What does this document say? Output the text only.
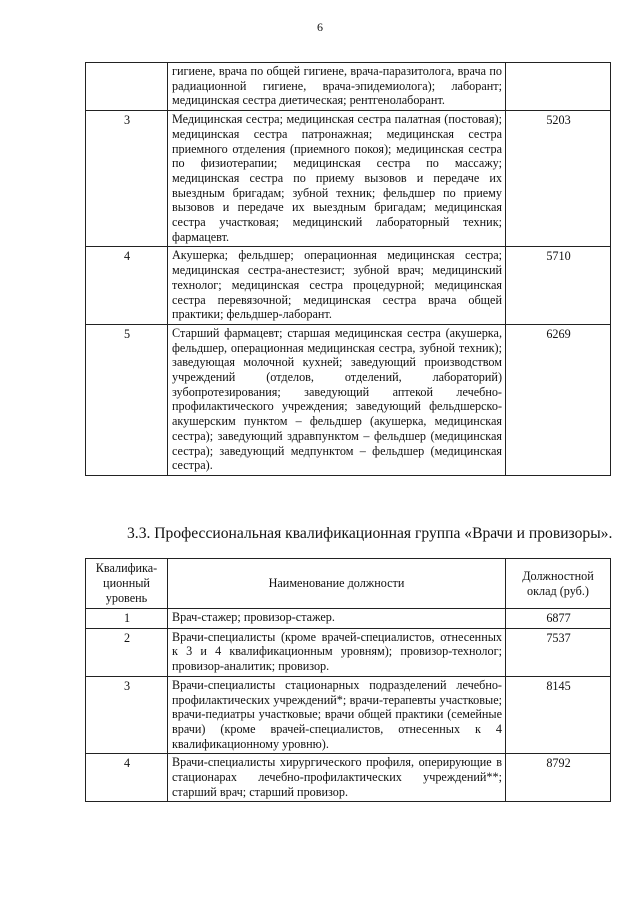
6
	гигиене, врача по общей гигиене, врача-паразитолога, врача по радиационной гигиене, врача-эпидемиолога); лаборант; медицинская сестра диетическая; рентгенолаборант.	
3	Медицинская сестра; медицинская сестра палатная (постовая); медицинская сестра патронажная; медицинская сестра приемного отделения (приемного покоя); медицинская сестра по физиотерапии; медицинская сестра по массажу; медицинская сестра по приему вызовов и передаче их выездным бригадам; зубной техник; фельдшер по приему вызовов и передаче их выездным бригадам; медицинская сестра участковая; медицинский лабораторный техник; фармацевт.	5203
4	Акушерка; фельдшер; операционная медицинская сестра; медицинская сестра-анестезист; зубной врач; медицинский технолог; медицинская сестра процедурной; медицинская сестра перевязочной; медицинская сестра врача общей практики; фельдшер-лаборант.	5710
5	Старший фармацевт; старшая медицинская сестра (акушерка, фельдшер, операционная медицинская сестра, зубной техник); заведующая молочной кухней; заведующий производством учреждений (отделов, отделений, лабораторий) зубопротезирования; заведующий аптекой лечебно-профилактического учреждения; заведующий фельдшерско-акушерским пунктом – фельдшер (акушерка, медицинская сестра); заведующий здравпунктом – фельдшер (медицинская сестра); заведующий медпунктом – фельдшер (медицинская сестра).	6269
3.3. Профессиональная квалификационная группа «Врачи и провизоры».
Квалифика-ционный уровень	Наименование должности	Должностной оклад (руб.)
1	Врач-стажер; провизор-стажер.	6877
2	Врачи-специалисты (кроме врачей-специалистов, отнесенных к 3 и 4 квалификационным уровням); провизор-технолог; провизор-аналитик; провизор.	7537
3	Врачи-специалисты стационарных подразделений лечебно-профилактических учреждений*; врачи-терапевты участковые; врачи-педиатры участковые; врачи общей практики (семейные врачи) (кроме врачей-специалистов, отнесенных к 4 квалификационному уровню).	8145
4	Врачи-специалисты хирургического профиля, оперирующие в стационарах лечебно-профилактических учреждений**; старший врач; старший провизор.	8792
